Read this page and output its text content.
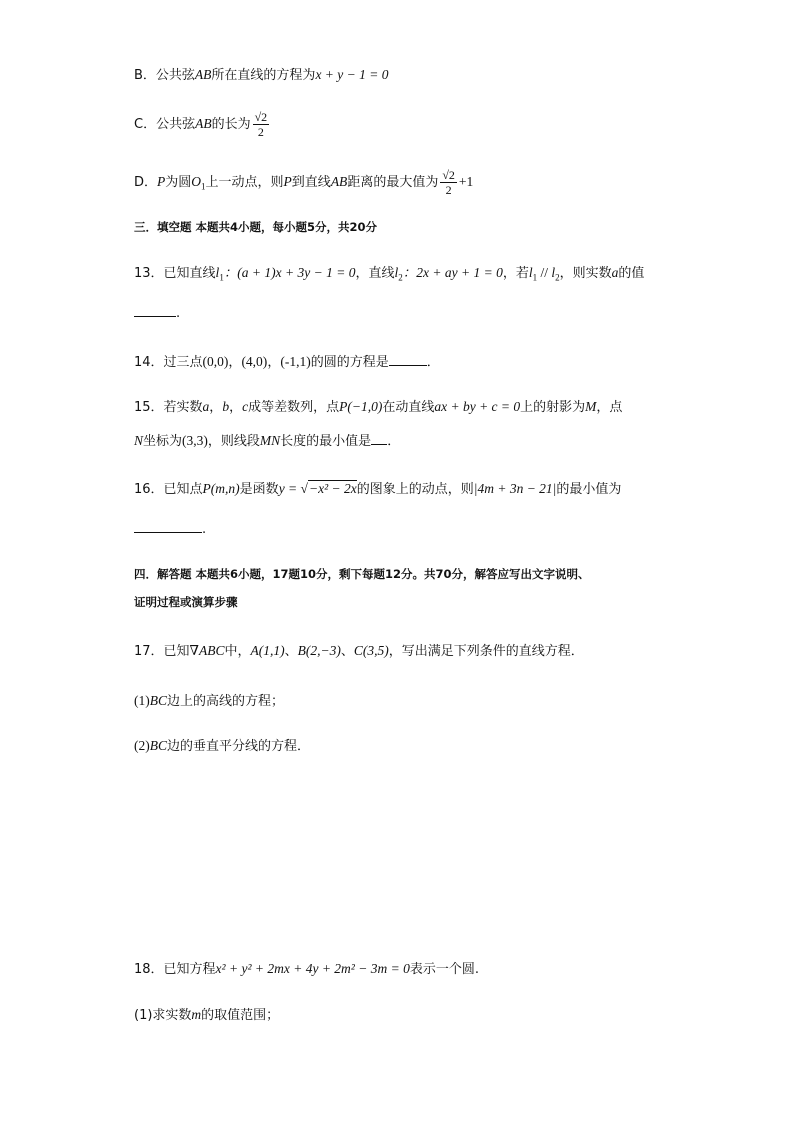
B．公共弦AB所在直线的方程为x + y − 1 = 0
C．公共弦AB的长为 $\frac{√2}{2}$
D．P为圆$O_1$上一动点，则P到直线AB距离的最大值为 $\frac{√2}{2} +1$
三．填空题 本题共4小题，每小题5分，共20分
13．已知直线$l_1$：(a + 1)x + 3y − 1 = 0，直线$l_2$：2x + ay + 1 = 0，若$l_1 // l_2$，则实数a的值
.
14．过三点(0,0)，(4,0)，(-1,1)的圆的方程是	．
15．若实数a，b，c成等差数列，点P(−1,0)在动直线ax + by + c = 0上的射影为M，点
N坐标为(3,3)，则线段MN长度的最小值是 ．
16．已知点P(m,n)是函数y = √−x² − 2x的图象上的动点，则|4m + 3n − 21|的最小值为
.
四．解答题 本题共6小题，17题10分，剩下每题12分。共70分，解答应写出文字说明、
证明过程或演算步骤
17．已知∇ABC中，A(1,1)、B(2,−3)、C(3,5)，写出满足下列条件的直线方程．
(1)BC边上的高线的方程；
(2)BC边的垂直平分线的方程．
18．已知方程x² + y² + 2mx + 4y + 2m² − 3m = 0表示一个圆.
(1)求实数m的取值范围；
